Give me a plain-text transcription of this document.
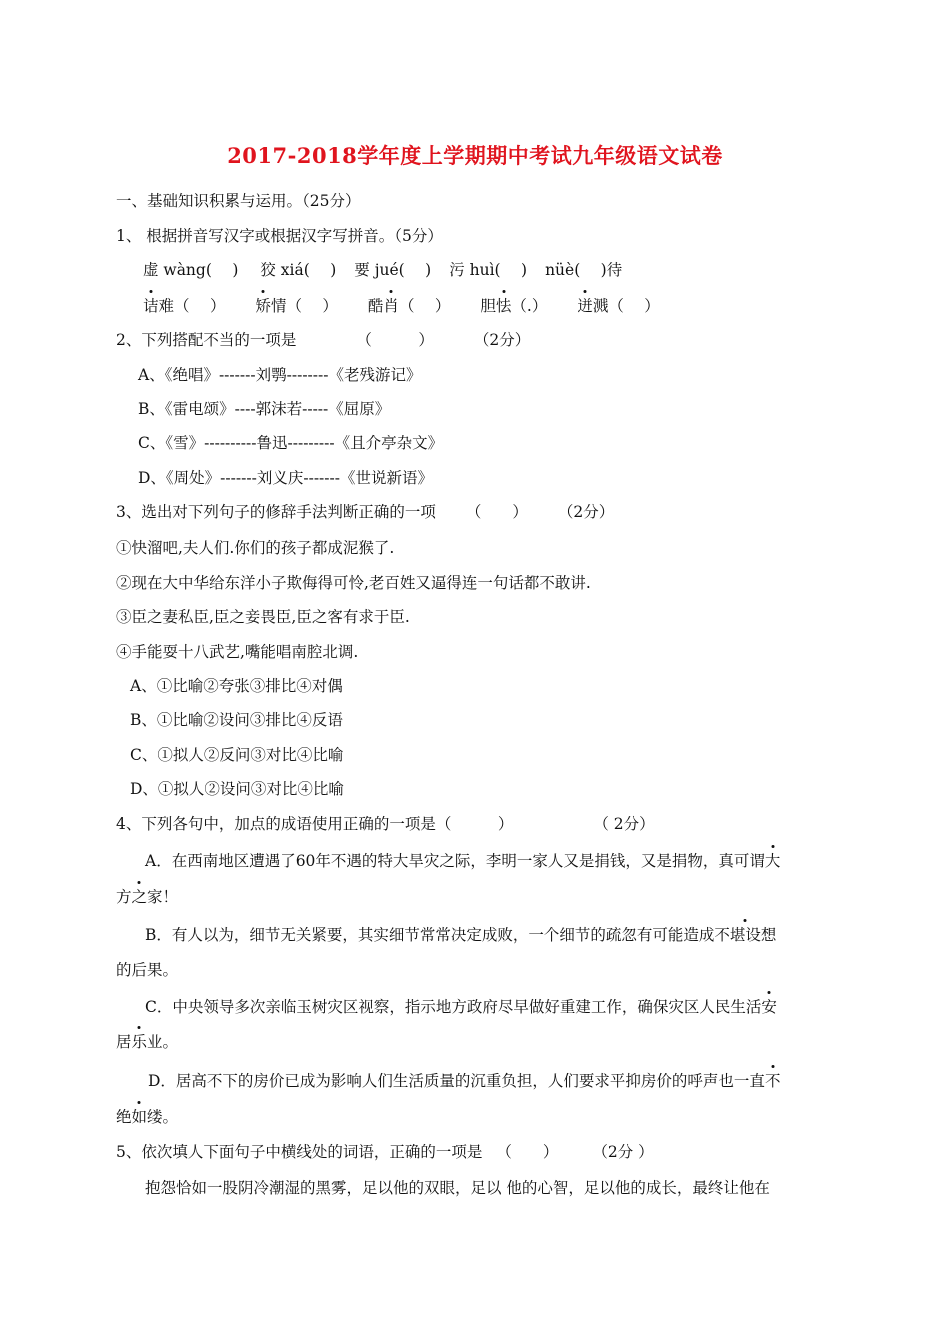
2017-2018学年度上学期期中考试九年级语文试卷
一、基础知识积累与运用。（25分）
1、 根据拼音写汉字或根据汉字写拼音。（5分）
虚 wàng(　 ) 狡 xiá(　 ) 要 jué(　 ) 污 huì(　 ) nüè(　 )待
诘难（　 ） 矫情（　 ） 酷肖（　 ） 胆怯（.） 迸溅（　 ）
2、下列搭配不当的一项是	（　　　）	（2分）
A、《绝唱》-------刘鹗--------《老残游记》
B、《雷电颂》----郭沫若-----《屈原》
C、《雪》----------鲁迅---------《且介亭杂文》
D、《周处》-------刘义庆-------《世说新语》
3、选出对下列句子的修辞手法判断正确的一项 （　　） （2分）
①快溜吧,夫人们.你们的孩子都成泥猴了.
②现在大中华给东洋小子欺侮得可怜,老百姓又逼得连一句话都不敢讲.
③臣之妻私臣,臣之妾畏臣,臣之客有求于臣.
④手能耍十八武艺,嘴能唱南腔北调.
A、①比喻②夸张③排比④对偶
B、①比喻②设问③排比④反语
C、①拟人②反问③对比④比喻
D、①拟人②设问③对比④比喻
4、下列各句中，加点的成语使用正确的一项是（　　　）	（ 2分）
A．在西南地区遭遇了60年不遇的特大旱灾之际，李明一家人又是捐钱，又是捐物，真可谓大
方之家！
B．有人以为，细节无关紧要，其实细节常常决定成败，一个细节的疏忽有可能造成不堪设想
的后果。
C．中央领导多次亲临玉树灾区视察，指示地方政府尽早做好重建工作，确保灾区人民生活安
居乐业。
D．居高不下的房价已成为影响人们生活质量的沉重负担，人们要求平抑房价的呼声也一直不
绝如缕。
5、依次填人下面句子中横线处的词语，正确的一项是 （　　） （2分 ）
抱怨恰如一股阴冷潮湿的黑雾，足以他的双眼，足以 他的心智，足以他的成长，最终让他在
